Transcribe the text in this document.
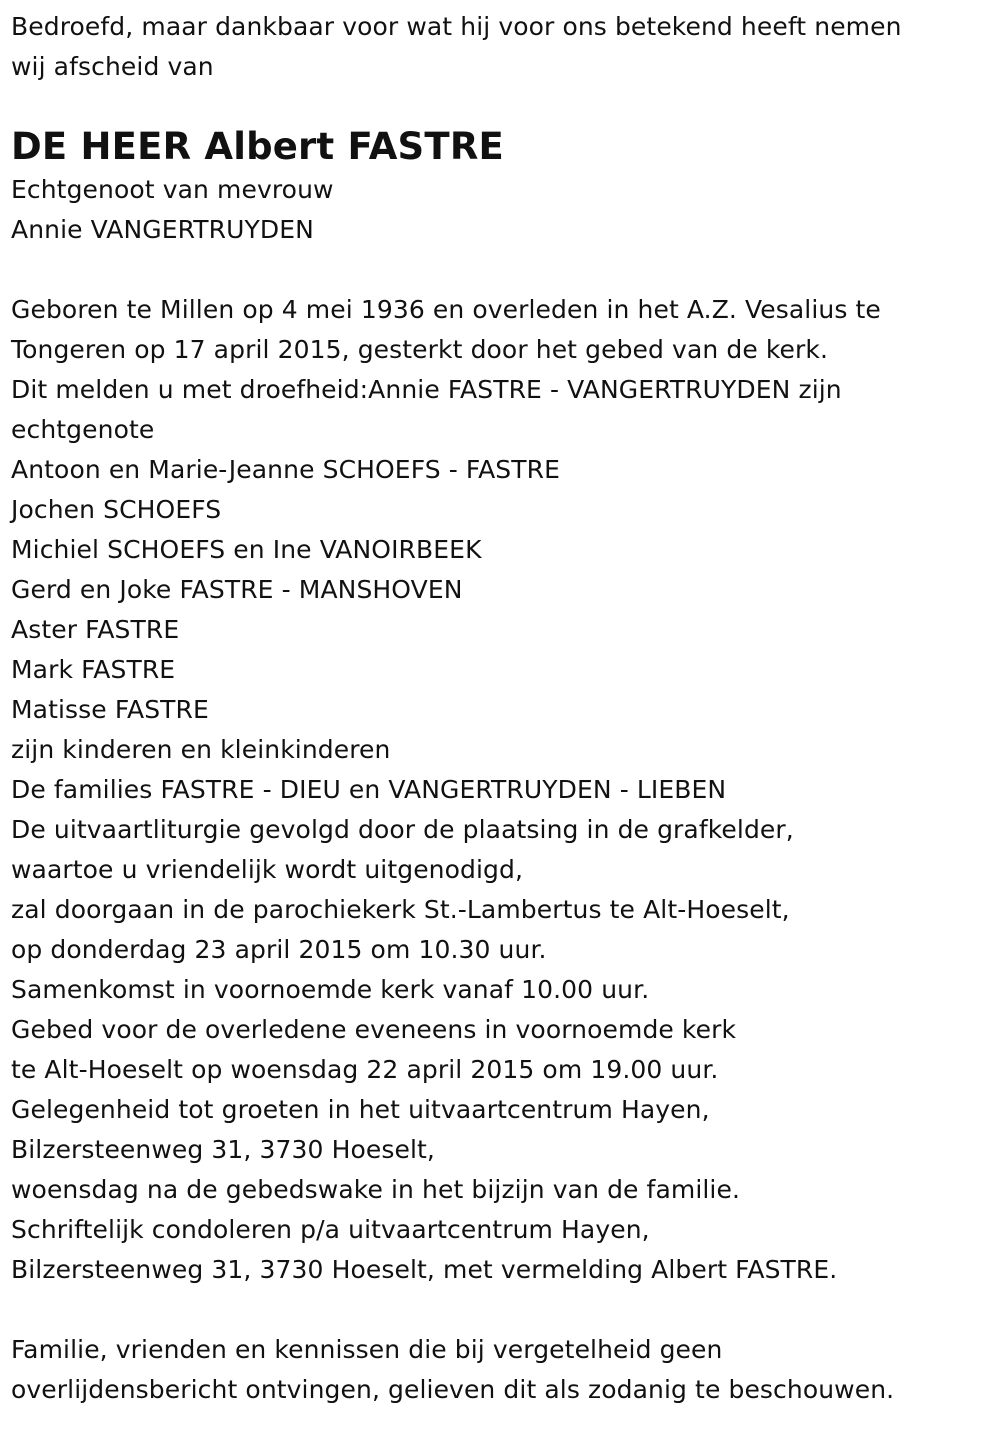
Bedroefd, maar dankbaar voor wat hij voor ons betekend heeft nemen
wij afscheid van
DE HEER Albert FASTRE
Echtgenoot van mevrouw
Annie VANGERTRUYDEN
Geboren te Millen op 4 mei 1936 en overleden in het A.Z. Vesalius te
Tongeren op 17 april 2015, gesterkt door het gebed van de kerk.
Dit melden u met droefheid:Annie FASTRE - VANGERTRUYDEN zijn
echtgenote
Antoon en Marie-Jeanne SCHOEFS - FASTRE
Jochen SCHOEFS
Michiel SCHOEFS en Ine VANOIRBEEK
Gerd en Joke FASTRE - MANSHOVEN
Aster FASTRE
Mark FASTRE
Matisse FASTRE
zijn kinderen en kleinkinderen
De families FASTRE - DIEU en VANGERTRUYDEN - LIEBEN
De uitvaartliturgie gevolgd door de plaatsing in de grafkelder,
waartoe u vriendelijk wordt uitgenodigd,
zal doorgaan in de parochiekerk St.-Lambertus te Alt-Hoeselt,
op donderdag 23 april 2015 om 10.30 uur.
Samenkomst in voornoemde kerk vanaf 10.00 uur.
Gebed voor de overledene eveneens in voornoemde kerk
te Alt-Hoeselt op woensdag 22 april 2015 om 19.00 uur.
Gelegenheid tot groeten in het uitvaartcentrum Hayen,
Bilzersteenweg 31, 3730 Hoeselt,
woensdag na de gebedswake in het bijzijn van de familie.
Schriftelijk condoleren p/a uitvaartcentrum Hayen,
Bilzersteenweg 31, 3730 Hoeselt, met vermelding Albert FASTRE.
Familie, vrienden en kennissen die bij vergetelheid geen
overlijdensbericht ontvingen, gelieven dit als zodanig te beschouwen.
